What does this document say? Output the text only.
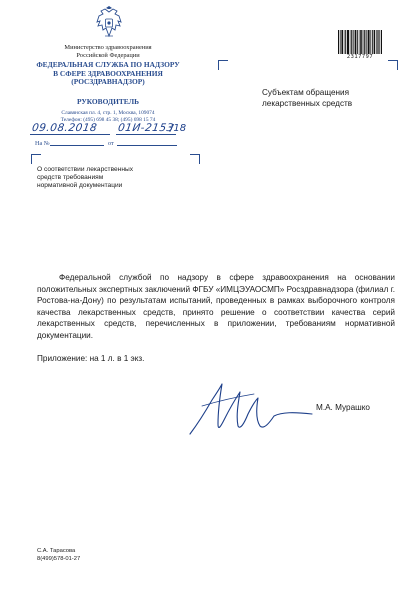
Министерство здравоохранения
Российской Федерации
ФЕДЕРАЛЬНАЯ СЛУЖБА ПО НАДЗОРУ
В СФЕРЕ ЗДРАВООХРАНЕНИЯ
(РОСЗДРАВНАДЗОР)
РУКОВОДИТЕЛЬ
Славянская пл. 4, стр. 1, Москва, 109074
Телефон: (495) 698 45 38; (495) 698 15 74
09.08.2018 01И-2153
/18
На №	от
О соответствии лекарственных
средств требованиям
нормативной документации
2317797
Субъектам обращения
лекарственных средств
Федеральной службой по надзору в сфере здравоохранения на основании положительных экспертных заключений ФГБУ «ИМЦЭУАОСМП» Росздравнадзора (филиал г. Ростова-на-Дону) по результатам испытаний, проведенных в рамках выборочного контроля качества лекарственных средств, принято решение о соответствии качества серий лекарственных средств, перечисленных в приложении, требованиям нормативной документации.
Приложение: на 1 л. в 1 экз.
М.А. Мурашко
С.А. Тарасова
8(499)578-01-27
